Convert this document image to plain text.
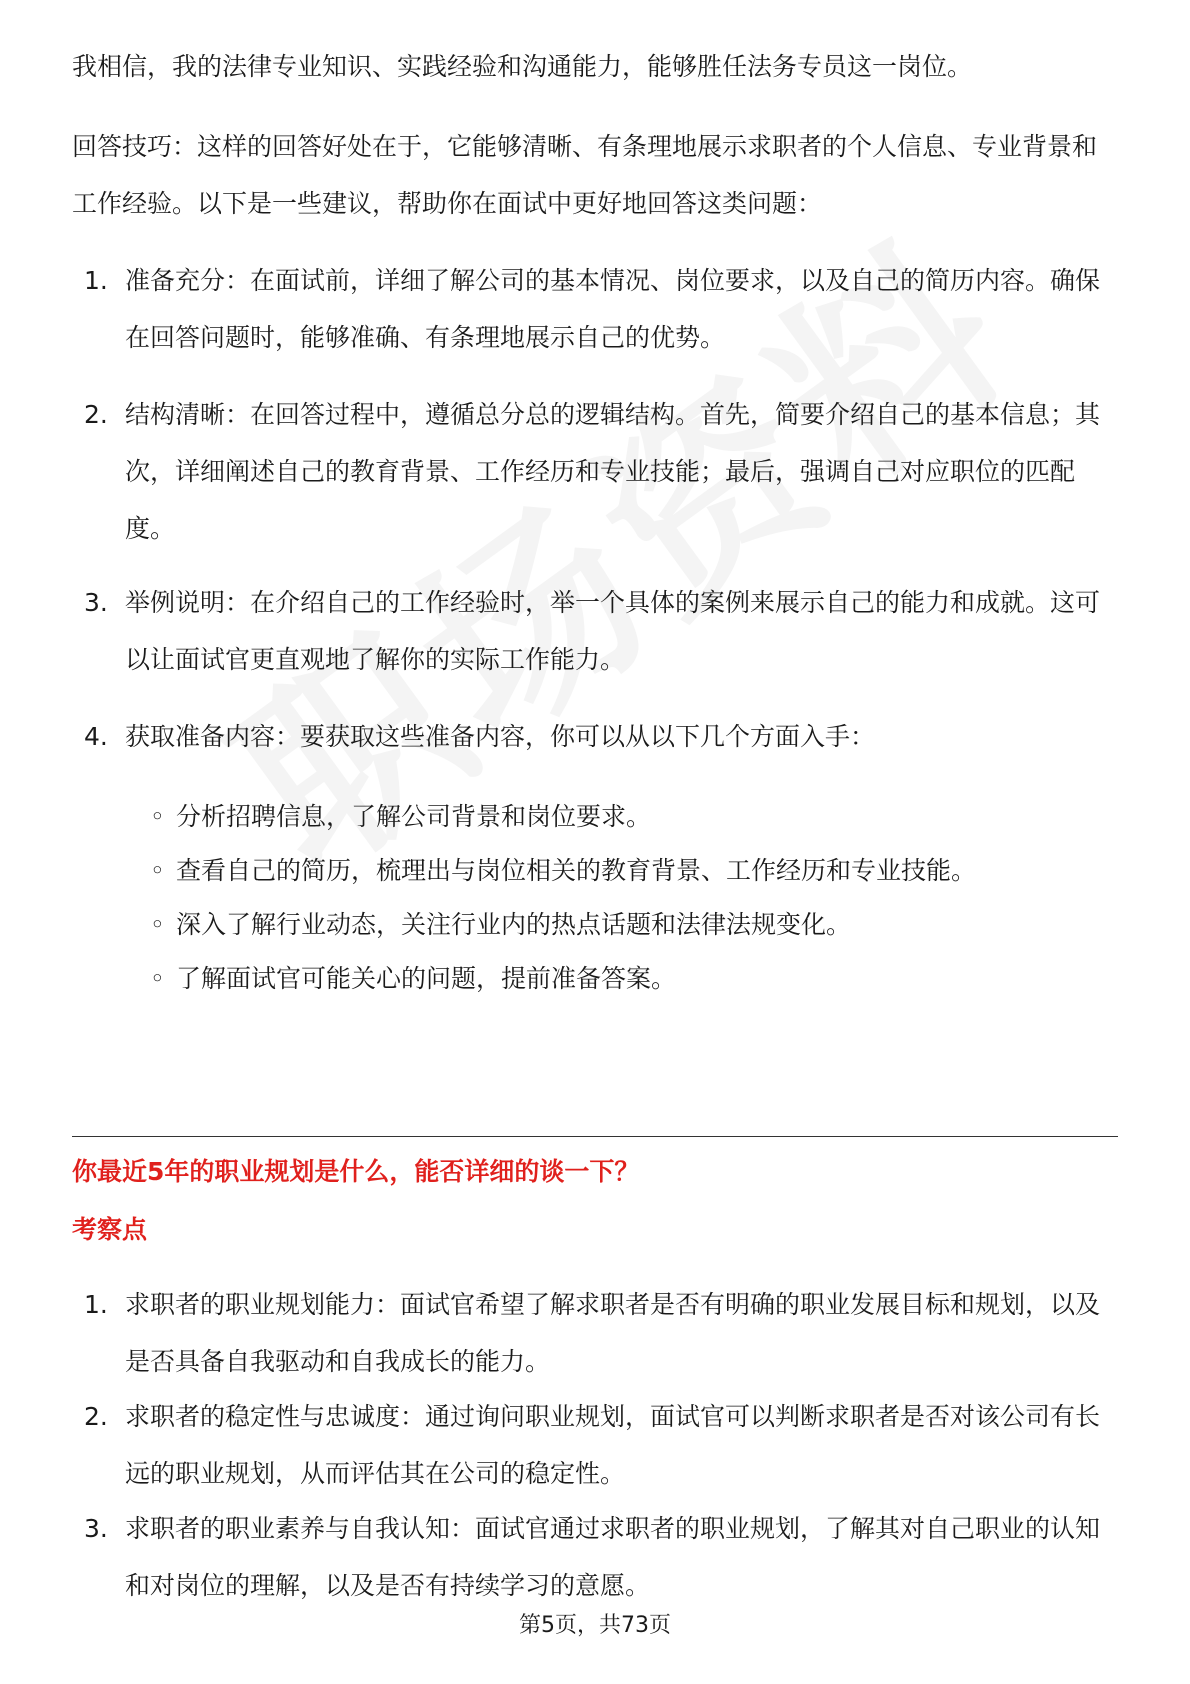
我相信，我的法律专业知识、实践经验和沟通能力，能够胜任法务专员这一岗位。

回答技巧：这样的回答好处在于，它能够清晰、有条理地展示求职者的个人信息、专业背景和工作经验。以下是一些建议，帮助你在面试中更好地回答这类问题：

1. 准备充分：在面试前，详细了解公司的基本情况、岗位要求，以及自己的简历内容。确保在回答问题时，能够准确、有条理地展示自己的优势。
2. 结构清晰：在回答过程中，遵循总分总的逻辑结构。首先，简要介绍自己的基本信息；其次，详细阐述自己的教育背景、工作经历和专业技能；最后，强调自己对应职位的匹配度。
3. 举例说明：在介绍自己的工作经验时，举一个具体的案例来展示自己的能力和成就。这可以让面试官更直观地了解你的实际工作能力。
4. 获取准备内容：要获取这些准备内容，你可以从以下几个方面入手：
◦ 分析招聘信息，了解公司背景和岗位要求。
◦ 查看自己的简历，梳理出与岗位相关的教育背景、工作经历和专业技能。
◦ 深入了解行业动态，关注行业内的热点话题和法律法规变化。
◦ 了解面试官可能关心的问题，提前准备答案。
你最近5年的职业规划是什么，能否详细的谈一下？
考察点
1. 求职者的职业规划能力：面试官希望了解求职者是否有明确的职业发展目标和规划，以及是否具备自我驱动和自我成长的能力。
2. 求职者的稳定性与忠诚度：通过询问职业规划，面试官可以判断求职者是否对该公司有长远的职业规划，从而评估其在公司的稳定性。
3. 求职者的职业素养与自我认知：面试官通过求职者的职业规划，了解其对自己职业的认知和对岗位的理解，以及是否有持续学习的意愿。
第5页，共73页
